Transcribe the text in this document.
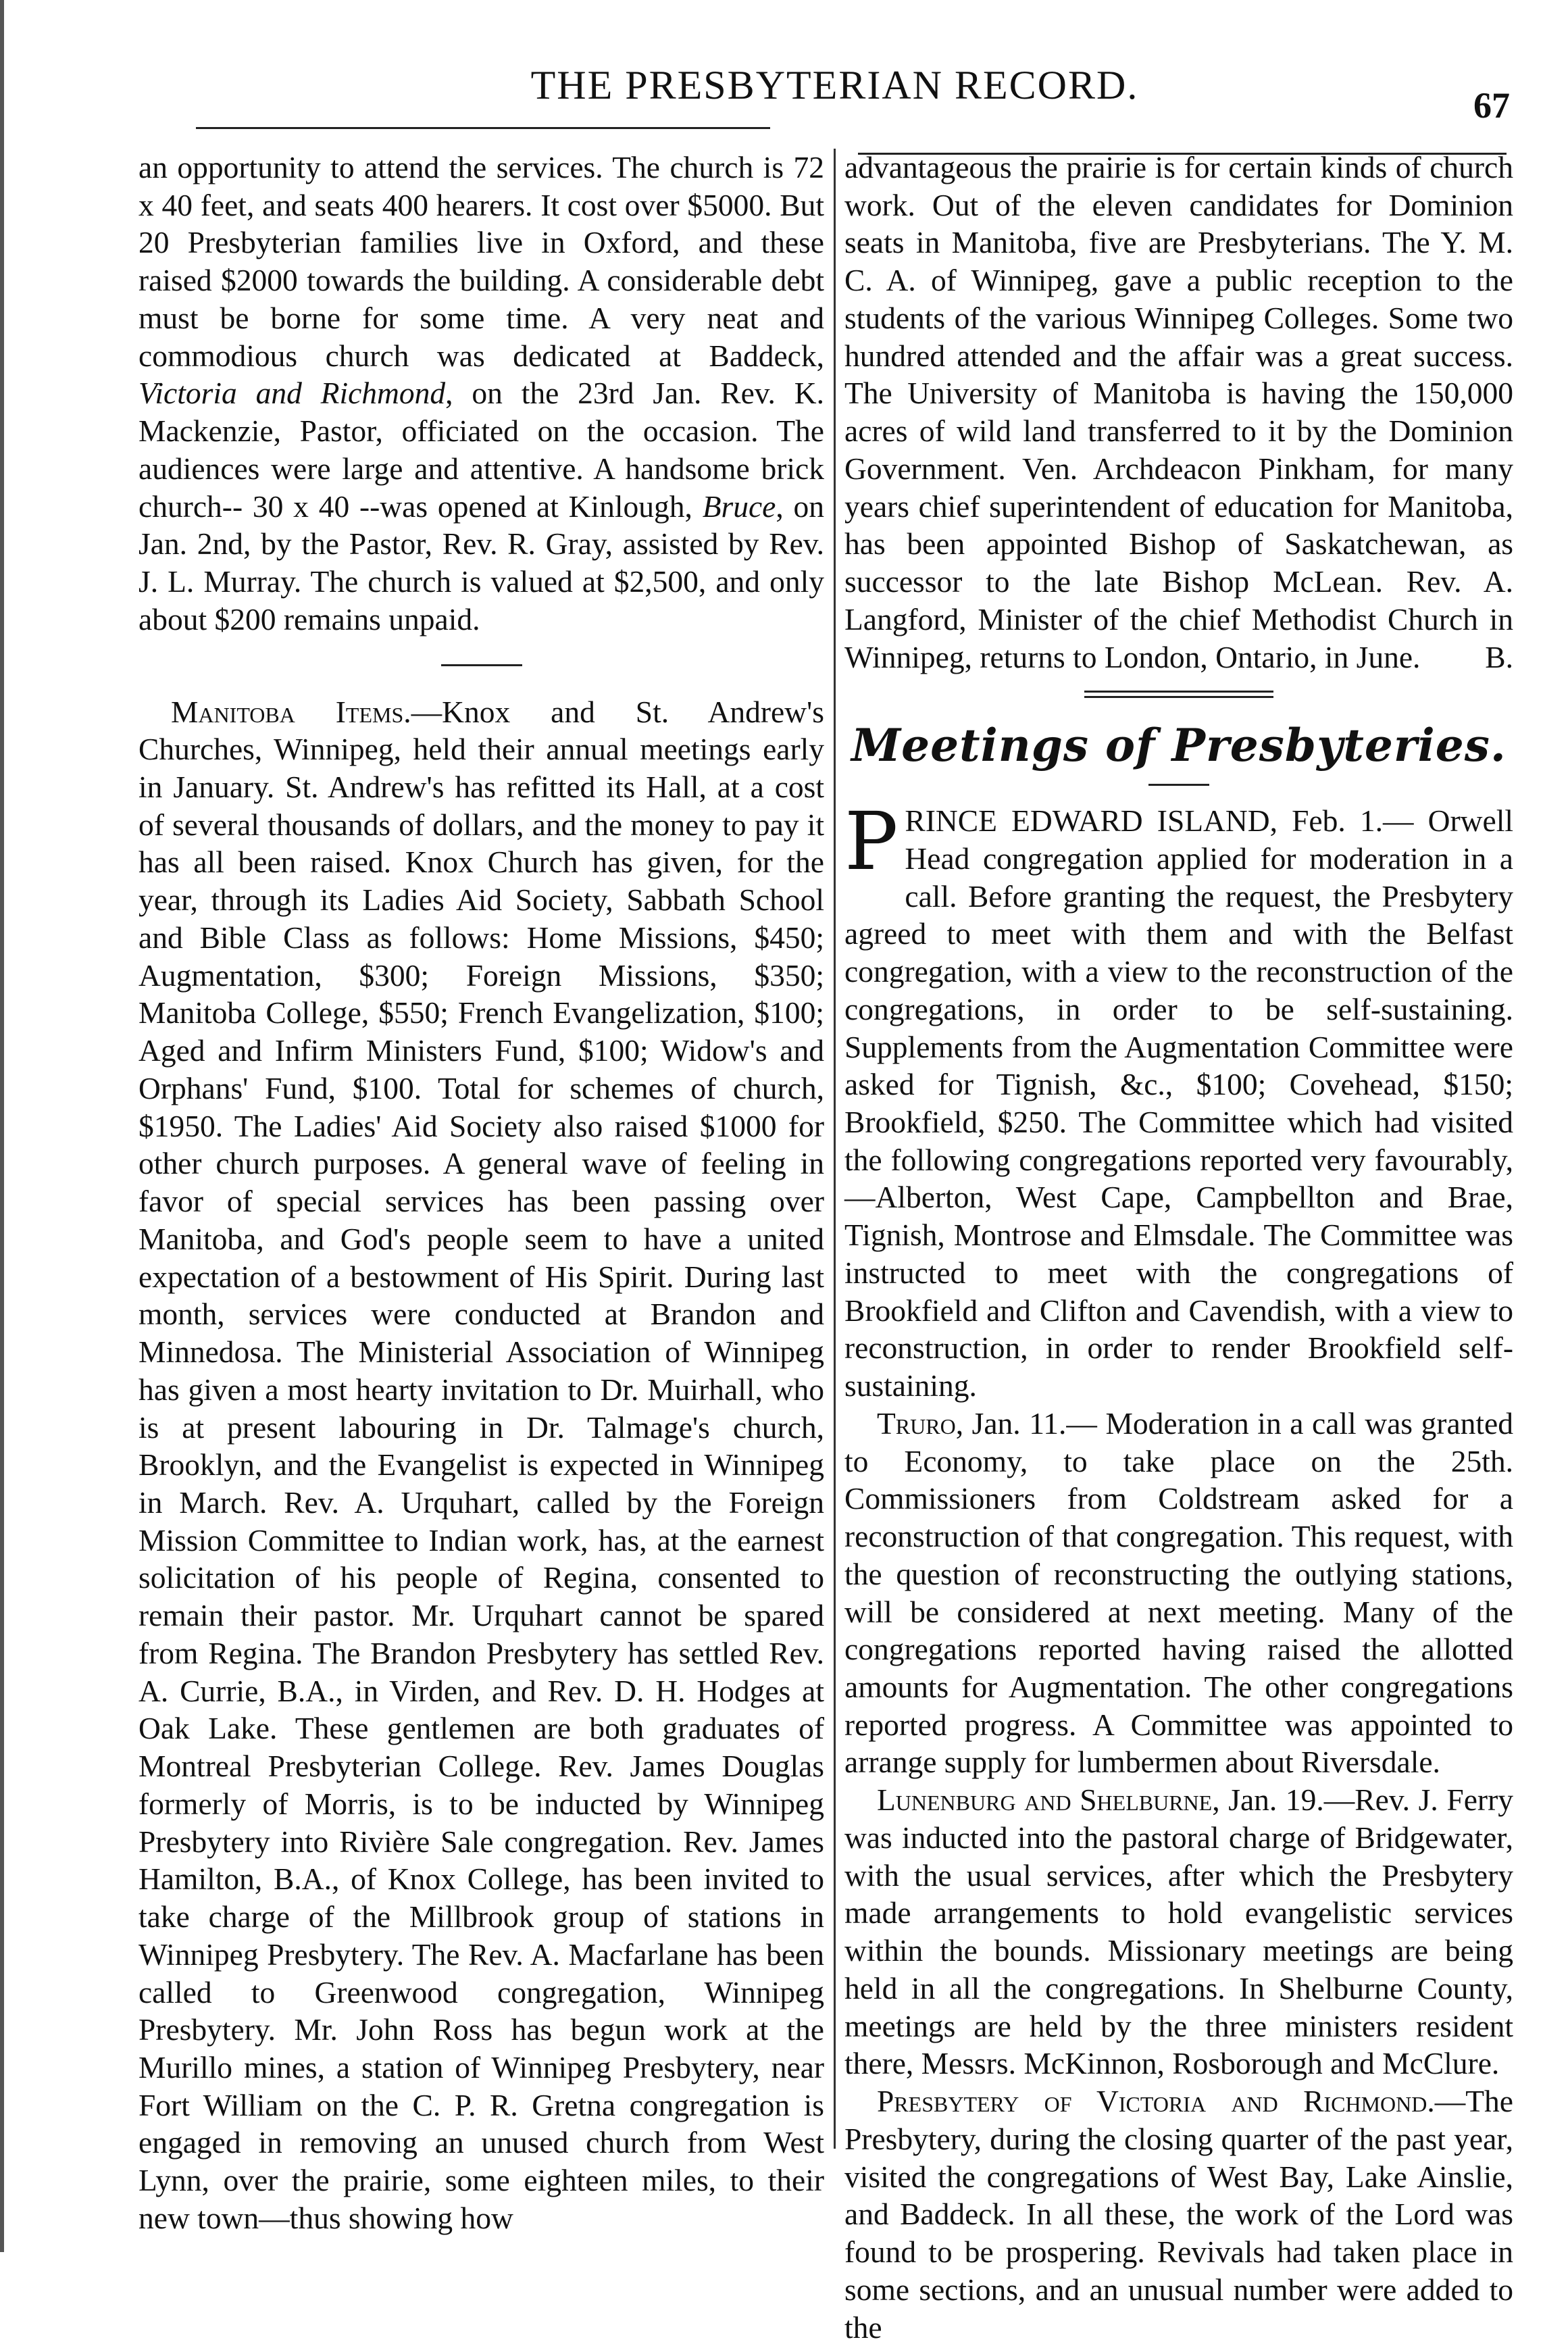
THE PRESBYTERIAN RECORD.	67

an opportunity to attend the services. The church is 72 x 40 feet, and seats 400 hearers. It cost over $5000. But 20 Presbyterian families live in Oxford, and these raised $2000 towards the building. A considerable debt must be borne for some time. A very neat and commodious church was dedicated at Baddeck, Victoria and Richmond, on the 23rd Jan. Rev. K. Mackenzie, Pastor, officiated on the occasion. The audiences were large and attentive. A handsome brick church-- 30 x 40 --was opened at Kinlough, Bruce, on Jan. 2nd, by the Pastor, Rev. R. Gray, assisted by Rev. J. L. Murray. The church is valued at $2,500, and only about $200 remains unpaid.

Manitoba Items.—Knox and St. Andrew's Churches, Winnipeg, held their annual meetings early in January. St. Andrew's has refitted its Hall, at a cost of several thousands of dollars, and the money to pay it has all been raised. Knox Church has given, for the year, through its Ladies Aid Society, Sabbath School and Bible Class as follows: Home Missions, $450; Augmentation, $300; Foreign Missions, $350; Manitoba College, $550; French Evangelization, $100; Aged and Infirm Ministers Fund, $100; Widow's and Orphans' Fund, $100. Total for schemes of church, $1950. The Ladies' Aid Society also raised $1000 for other church purposes. A general wave of feeling in favor of special services has been passing over Manitoba, and God's people seem to have a united expectation of a bestowment of His Spirit. During last month, services were conducted at Brandon and Minnedosa. The Ministerial Association of Winnipeg has given a most hearty invitation to Dr. Muirhall, who is at present labouring in Dr. Talmage's church, Brooklyn, and the Evangelist is expected in Winnipeg in March. Rev. A. Urquhart, called by the Foreign Mission Committee to Indian work, has, at the earnest solicitation of his people of Regina, consented to remain their pastor. Mr. Urquhart cannot be spared from Regina. The Brandon Presbytery has settled Rev. A. Currie, B.A., in Virden, and Rev. D. H. Hodges at Oak Lake. These gentlemen are both graduates of Montreal Presbyterian College. Rev. James Douglas formerly of Morris, is to be inducted by Winnipeg Presbytery into Rivière Sale congregation. Rev. James Hamilton, B.A., of Knox College, has been invited to take charge of the Millbrook group of stations in Winnipeg Presbytery. The Rev. A. Macfarlane has been called to Greenwood congregation, Winnipeg Presbytery. Mr. John Ross has begun work at the Murillo mines, a station of Winnipeg Presbytery, near Fort William on the C. P. R. Gretna congregation is engaged in removing an unused church from West Lynn, over the prairie, some eighteen miles, to their new town—thus showing how

advantageous the prairie is for certain kinds of church work. Out of the eleven candidates for Dominion seats in Manitoba, five are Presbyterians. The Y. M. C. A. of Winnipeg, gave a public reception to the students of the various Winnipeg Colleges. Some two hundred attended and the affair was a great success. The University of Manitoba is having the 150,000 acres of wild land transferred to it by the Dominion Government. Ven. Archdeacon Pinkham, for many years chief superintendent of education for Manitoba, has been appointed Bishop of Saskatchewan, as successor to the late Bishop McLean. Rev. A. Langford, Minister of the chief Methodist Church in Winnipeg, returns to London, Ontario, in June. B.

Meetings of Presbyteries.

PRINCE EDWARD ISLAND, Feb. 1.— Orwell Head congregation applied for moderation in a call. Before granting the request, the Presbytery agreed to meet with them and with the Belfast congregation, with a view to the reconstruction of the congregations, in order to be self-sustaining. Supplements from the Augmentation Committee were asked for Tignish, &c., $100; Covehead, $150; Brookfield, $250. The Committee which had visited the following congregations reported very favourably,—Alberton, West Cape, Campbellton and Brae, Tignish, Montrose and Elmsdale. The Committee was instructed to meet with the congregations of Brookfield and Clifton and Cavendish, with a view to reconstruction, in order to render Brookfield self-sustaining.

Truro, Jan. 11.— Moderation in a call was granted to Economy, to take place on the 25th. Commissioners from Coldstream asked for a reconstruction of that congregation. This request, with the question of reconstructing the outlying stations, will be considered at next meeting. Many of the congregations reported having raised the allotted amounts for Augmentation. The other congregations reported progress. A Committee was appointed to arrange supply for lumbermen about Riversdale.

Lunenburg and Shelburne, Jan. 19.—Rev. J. Ferry was inducted into the pastoral charge of Bridgewater, with the usual services, after which the Presbytery made arrangements to hold evangelistic services within the bounds. Missionary meetings are being held in all the congregations. In Shelburne County, meetings are held by the three ministers resident there, Messrs. McKinnon, Rosborough and McClure.

Presbytery of Victoria and Richmond.—The Presbytery, during the closing quarter of the past year, visited the congregations of West Bay, Lake Ainslie, and Baddeck. In all these, the work of the Lord was found to be prospering. Revivals had taken place in some sections, and an unusual number were added to the
